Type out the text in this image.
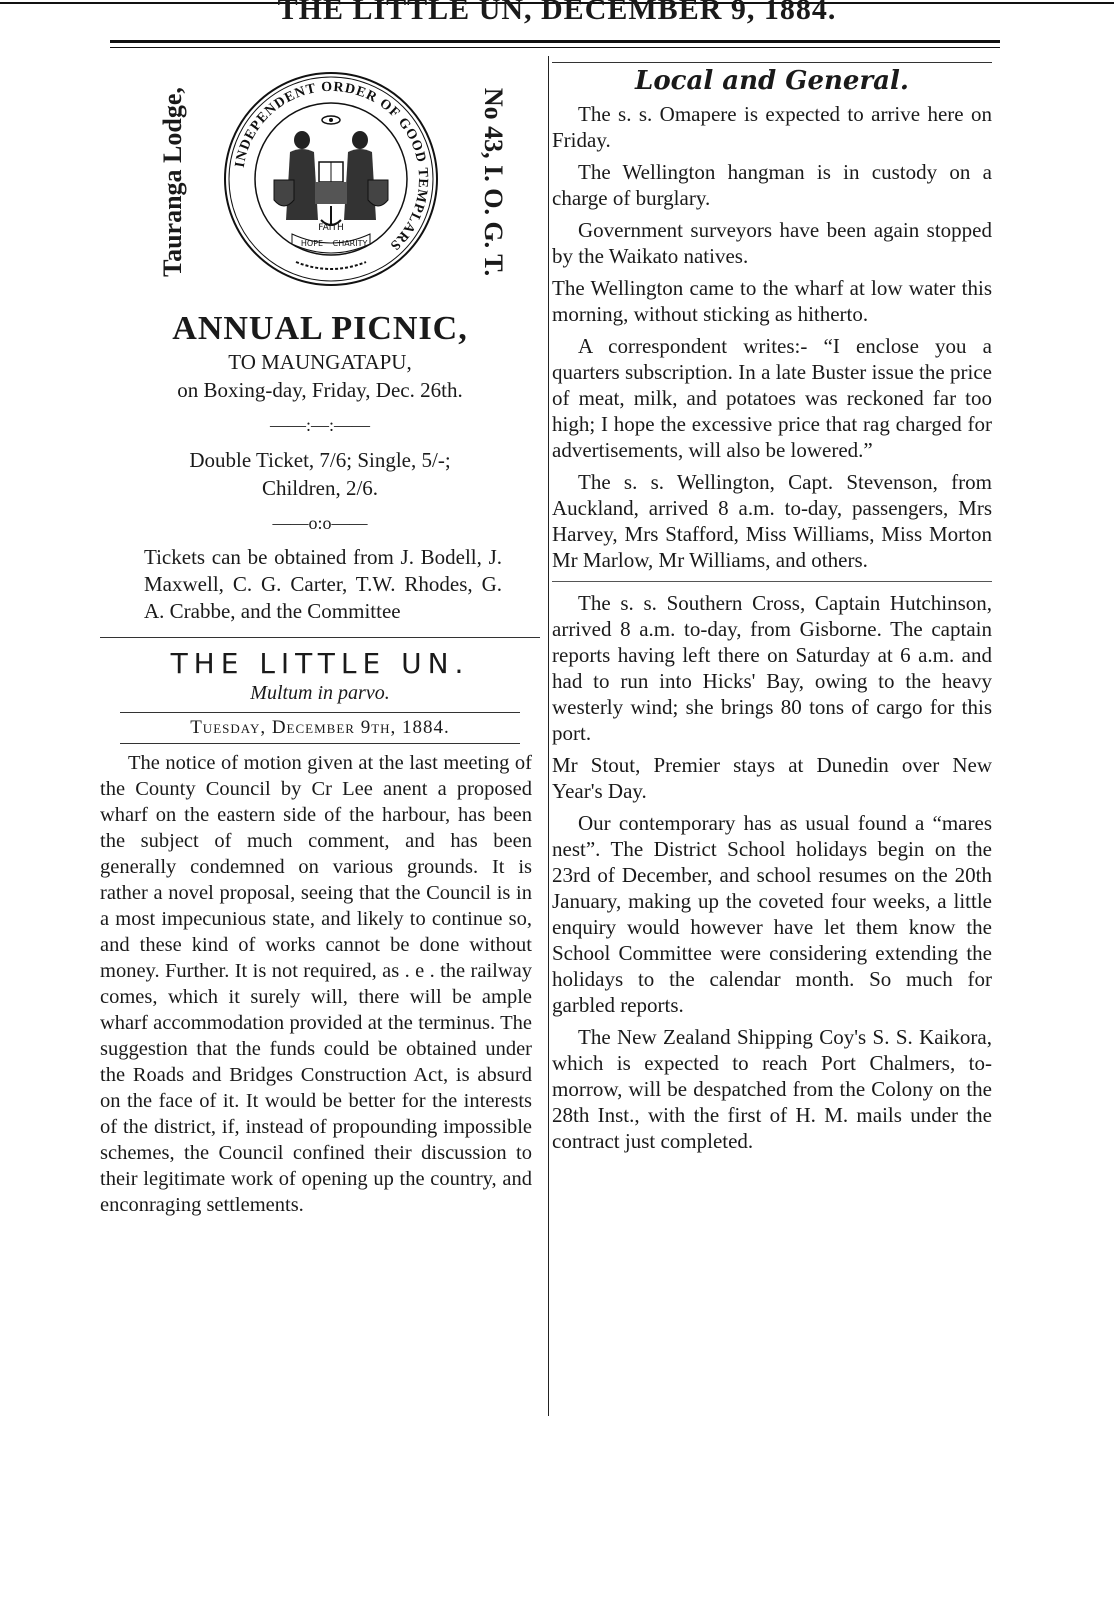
THE LITTLE UN, DECEMBER 9, 1884.
Tauranga Lodge,	INDEPENDENT ORDER OF GOOD TEMPLARS
FAITH
HOPE CHARITY	No 43, I. O. G. T.
ANNUAL PICNIC,
TO MAUNGATAPU,
on Boxing-day, Friday, Dec. 26th.
——:—:——
Double Ticket, 7/6; Single, 5/-;
Children, 2/6.
——o:o——
Tickets can be obtained from J. Bodell, J. Maxwell, C. G. Carter, T.W. Rhodes, G. A. Crabbe, and the Committee
THE LITTLE UN.
Multum in parvo.
Tuesday, December 9th, 1884.

The notice of motion given at the last meeting of the County Council by Cr Lee anent a proposed wharf on the eastern side of the harbour, has been the subject of much comment, and has been generally condemned on various grounds. It is rather a novel proposal, seeing that the Council is in a most impecunious state, and likely to continue so, and these kind of works cannot be done without money. Further. It is not required, as . e . the railway comes, which it surely will, there will be ample wharf accommodation provided at the terminus. The suggestion that the funds could be obtained under the Roads and Bridges Construction Act, is absurd on the face of it. It would be better for the interests of the district, if, instead of propounding impossible schemes, the Council confined their discussion to their legitimate work of opening up the country, and enconraging settlements.

Local and General.

The s. s. Omapere is expected to arrive here on Friday.

The Wellington hangman is in custody on a charge of burglary.

Government surveyors have been again stopped by the Waikato natives.

The Wellington came to the wharf at low water this morning, without sticking as hitherto.

A correspondent writes:- “I enclose you a quarters subscription. In a late Buster issue the price of meat, milk, and potatoes was reckoned far too high; I hope the excessive price that rag charged for advertisements, will also be lowered.”

The s. s. Wellington, Capt. Stevenson, from Auckland, arrived 8 a.m. to-day, passengers, Mrs Harvey, Mrs Stafford, Miss Williams, Miss Morton Mr Marlow, Mr Williams, and others.

The s. s. Southern Cross, Captain Hutchinson, arrived 8 a.m. to-day, from Gisborne. The captain reports having left there on Saturday at 6 a.m. and had to run into Hicks' Bay, owing to the heavy westerly wind; she brings 80 tons of cargo for this port.

Mr Stout, Premier stays at Dunedin over New Year's Day.

Our contemporary has as usual found a “mares nest”. The District School holidays begin on the 23rd of December, and school resumes on the 20th January, making up the coveted four weeks, a little enquiry would however have let them know the School Committee were considering extending the holidays to the calendar month. So much for garbled reports.

The New Zealand Shipping Coy's S. S. Kaikora, which is expected to reach Port Chalmers, to-morrow, will be despatched from the Colony on the 28th Inst., with the first of H. M. mails under the contract just completed.
